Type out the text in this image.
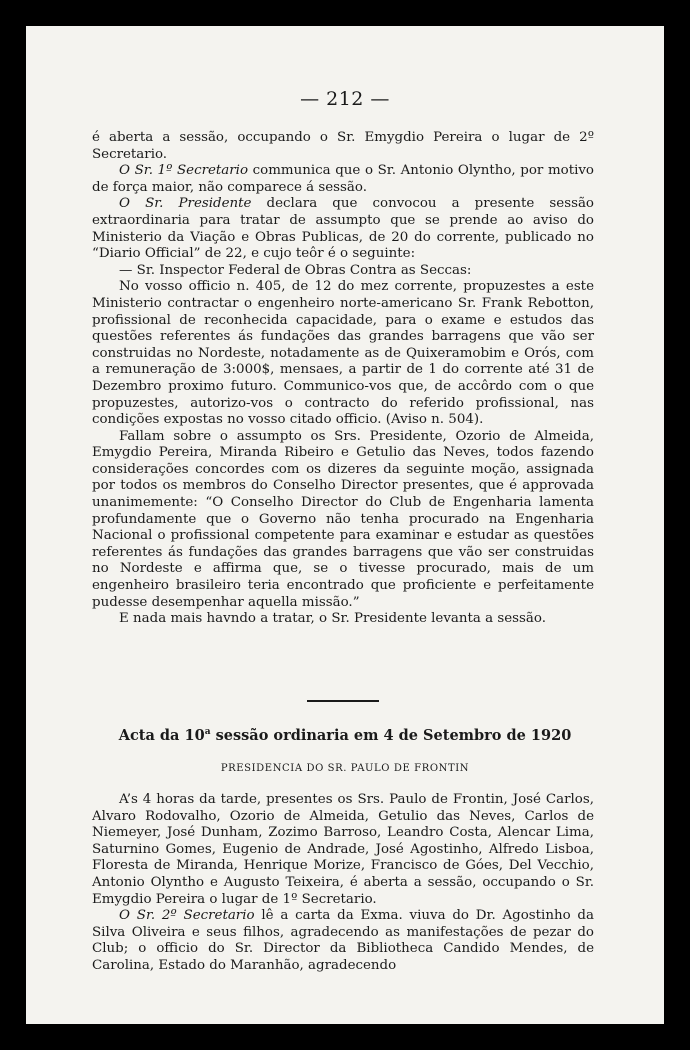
— 212 —

é aberta a sessão, occupando o Sr. Emygdio Pereira o lugar de 2º Secretario.

O Sr. 1º Secretario communica que o Sr. Antonio Olyntho, por motivo de força maior, não comparece á sessão.

O Sr. Presidente declara que convocou a presente sessão extraordinaria para tratar de assumpto que se prende ao aviso do Ministerio da Viação e Obras Publicas, de 20 do corrente, publicado no “Diario Official” de 22, e cujo teôr é o seguinte:

— Sr. Inspector Federal de Obras Contra as Seccas:

No vosso officio n. 405, de 12 do mez corrente, propuzestes a este Ministerio contractar o engenheiro norte-americano Sr. Frank Rebotton, profissional de reconhecida capacidade, para o exame e estudos das questões referentes ás fundações das grandes barragens que vão ser construidas no Nordeste, notadamente as de Quixeramobim e Orós, com a remuneração de 3:000$, mensaes, a partir de 1 do corrente até 31 de Dezembro proximo futuro. Communico-vos que, de accôrdo com o que propuzestes, autorizo-vos o contracto do referido profissional, nas condições expostas no vosso citado officio. (Aviso n. 504).

Fallam sobre o assumpto os Srs. Presidente, Ozorio de Almeida, Emygdio Pereira, Miranda Ribeiro e Getulio das Neves, todos fazendo considerações concordes com os dizeres da seguinte moção, assignada por todos os membros do Conselho Director presentes, que é approvada unanimemente: “O Conselho Director do Club de Engenharia lamenta profundamente que o Governo não tenha procurado na Engenharia Nacional o profissional competente para examinar e estudar as questões referentes ás fundações das grandes barragens que vão ser construidas no Nordeste e affirma que, se o tivesse procurado, mais de um engenheiro brasileiro teria encontrado que proficiente e perfeitamente pudesse desempenhar aquella missão.”

E nada mais havndo a tratar, o Sr. Presidente levanta a sessão.

Acta da 10$^a$ sessão ordinaria em 4 de Setembro de 1920
PRESIDENCIA DO SR. PAULO DE FRONTIN

A’s 4 horas da tarde, presentes os Srs. Paulo de Frontin, José Carlos, Alvaro Rodovalho, Ozorio de Almeida, Getulio das Neves, Carlos de Niemeyer, José Dunham, Zozimo Barroso, Leandro Costa, Alencar Lima, Saturnino Gomes, Eugenio de Andrade, José Agostinho, Alfredo Lisboa, Floresta de Miranda, Henrique Morize, Francisco de Góes, Del Vecchio, Antonio Olyntho e Augusto Teixeira, é aberta a sessão, occupando o Sr. Emygdio Pereira o lugar de 1º Secretario.

O Sr. 2º Secretario lê a carta da Exma. viuva do Dr. Agostinho da Silva Oliveira e seus filhos, agradecendo as manifestações de pezar do Club; o officio do Sr. Director da Bibliotheca Candido Mendes, de Carolina, Estado do Maranhão, agradecendo
